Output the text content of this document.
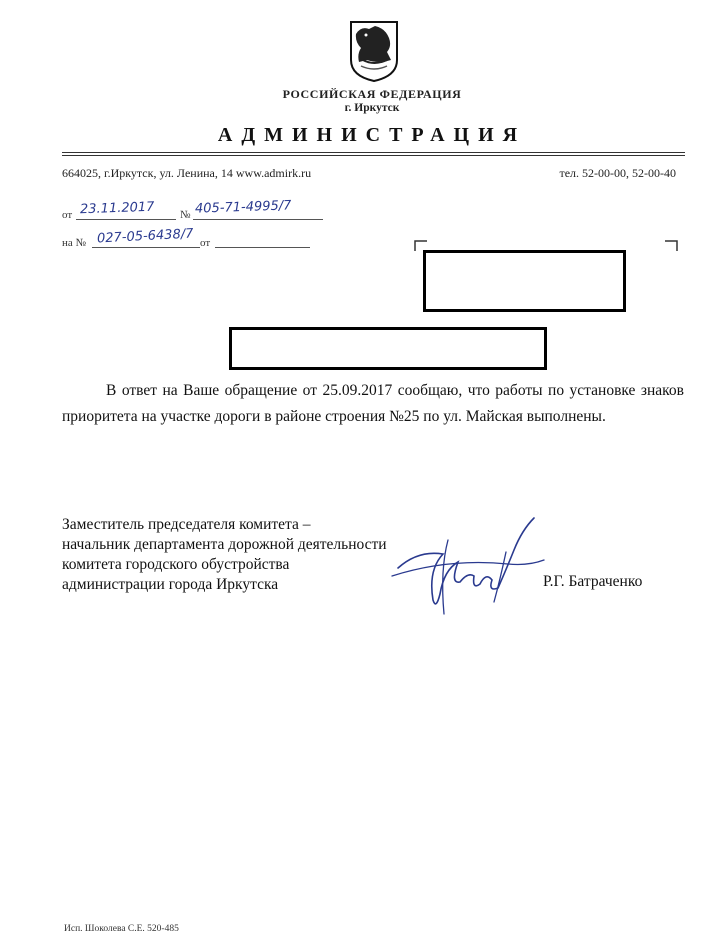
РОССИЙСКАЯ ФЕДЕРАЦИЯ
г. Иркутск
АДМИНИСТРАЦИЯ
664025, г.Иркутск, ул. Ленина, 14 www.admirk.ru	тел. 52-00-00, 52-00-40
от 23.11.2017 № 405-71-4995/7
на № 027-05-6438/7 от

В ответ на Ваше обращение от 25.09.2017 сообщаю, что работы по установке знаков приоритета на участке дороги в районе строения №25 по ул. Майская выполнены.

Заместитель председателя комитета –
начальник департамента дорожной деятельности
комитета городского обустройства
администрации города Иркутска	Р.Г. Батраченко
Исп. Шоколева С.Е. 520-485
